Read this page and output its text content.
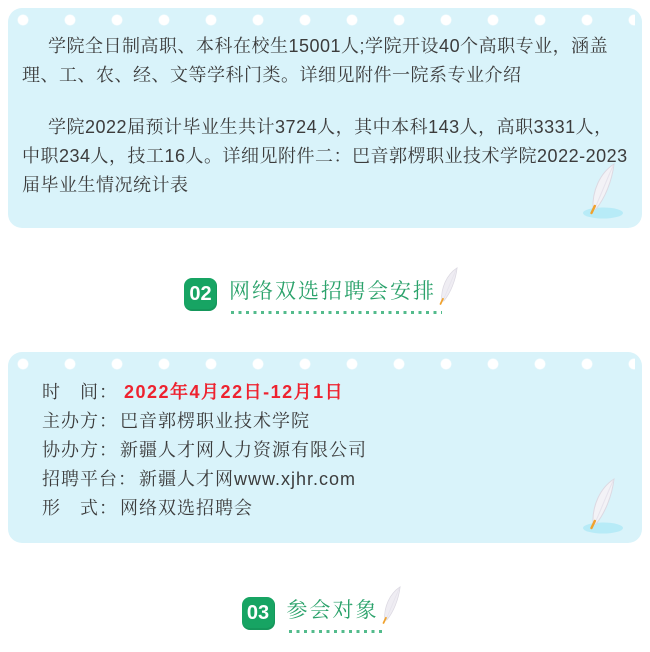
学院全日制高职、本科在校生15001人;学院开设40个高职专业，涵盖理、工、农、经、文等学科门类。详细见附件一院系专业介绍

学院2022届预计毕业生共计3724人，其中本科143人，高职3331人，中职234人，技工16人。详细见附件二：巴音郭楞职业技术学院2022-2023届毕业生情况统计表

02 网络双选招聘会安排
时　间： 2022年4月22日-12月1日
主办方： 巴音郭楞职业技术学院
协办方： 新疆人才网人力资源有限公司
招聘平台： 新疆人才网www.xjhr.com
形　式： 网络双选招聘会
03 参会对象
